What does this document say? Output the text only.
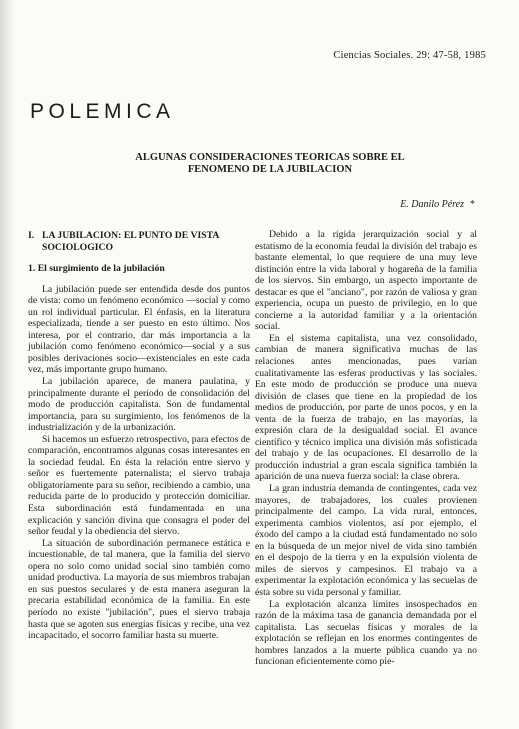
Ciencias Sociales. 29: 47-58, 1985
POLEMICA
ALGUNAS CONSIDERACIONES TEORICAS SOBRE EL
FENOMENO DE LA JUBILACION
E. Danilo Pérez *
I. LA JUBILACION: EL PUNTO DE VISTA SOCIOLOGICO
1. El surgimiento de la jubilación

La jubilación puede ser entendida desde dos puntos de vista: como un fenómeno económico —social y como un rol individual particular. El énfasis, en la literatura especializada, tiende a ser puesto en esto último. Nos interesa, por el contrario, dar más importancia a la jubilación como fenómeno económico—social y a sus posibles derivaciones socio—existenciales en este cada vez, más importante grupo humano.

La jubilación aparece, de manera paulatina, y principalmente durante el período de consolidación del modo de producción capitalista. Son de fundamental importancia, para su surgimiento, los fenómenos de la industrialización y de la urbanización.

Si hacemos un esfuerzo retrospectivo, para efectos de comparación, encontramos algunas cosas interesantes en la sociedad feudal. En ésta la relación entre siervo y señor es fuertemente paternalista; el siervo trabaja obligatoriamente para su señor, recibiendo a cambio, una reducida parte de lo producido y protección domiciliar. Esta subordinación está fundamentada en una explicación y sanción divina que consagra el poder del señor feudal y la obediencia del siervo.

La situación de subordinación permanece estática e incuestionable, de tal manera, que la familia del siervo opera no solo como unidad social sino también como unidad productiva. La mayoría de sus miembros trabajan en sus puestos seculares y de esta manera aseguran la precaria estabilidad económica de la familia. En este período no existe "jubilación", pues el siervo trabaja hasta que se agoten sus energías físicas y recibe, una vez incapacitado, el socorro familiar hasta su muerte.

Debido a la rígida jerarquización social y al estatismo de la economía feudal la división del trabajo es bastante elemental, lo que requiere de una muy leve distinción entre la vida laboral y hogareña de la familia de los siervos. Sin embargo, un aspecto importante de destacar es que el "anciano", por razón de valiosa y gran experiencia, ocupa un puesto de privilegio, en lo que concierne a la autoridad familiar y a la orientación social.

En el sistema capitalista, una vez consolidado, cambian de manera significativa muchas de las relaciones antes mencionadas, pues varían cualitativamente las esferas productivas y las sociales. En este modo de producción se produce una nueva división de clases que tiene en la propiedad de los medios de producción, por parte de unos pocos, y en la venta de la fuerza de trabajo, en las mayorías, la expresión clara de la desigualdad social. El avance científico y técnico implica una división más sofisticada del trabajo y de las ocupaciones. El desarrollo de la producción industrial a gran escala significa también la aparición de una nueva fuerza social: la clase obrera.

La gran industria demanda de contingentes, cada vez mayores, de trabajadores, los cuales provienen principalmente del campo. La vida rural, entonces, experimenta cambios violentos, así por ejemplo, el éxodo del campo a la ciudad está fundamentado no solo en la búsqueda de un mejor nivel de vida sino también en el despojo de la tierra y en la expulsión violenta de miles de siervos y campesinos. El trabajo va a experimentar la explotación económica y las secuelas de ésta sobre su vida personal y familiar.

La explotación alcanza límites insospechados en razón de la máxima tasa de ganancia demandada por el capitalista. Las secuelas físicas y morales de la explotación se reflejan en los enormes contingentes de hombres lanzados a la muerte pública cuando ya no funcionan eficientemente como pie-
